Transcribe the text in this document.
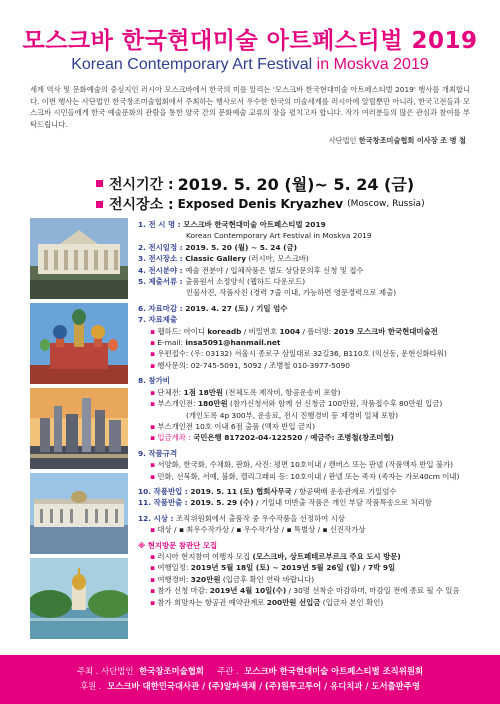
모스크바 한국현대미술 아트페스티벌 2019
Korean Contemporary Art Festival in Moskva 2019
세계 역사 및 문화예술의 중심지인 러시아 모스크바에서 한국의 미를 알리는 '모스크바 한국현대미술 아트페스티벌 2019' 행사를 개최합니다. 이번 행사는 사단법인 한국창조미술협회에서 주최하는 행사로서 우수한 한국의 미술세계를 러시아에 알릴뿐만 아니라, 한국고전들과 모스크바 시민들에게 한국 예술문화의 관람을 통한 양국 간의 문화예술 교류의 장을 펼치고자 합니다. 작가 여러분들의 많은 관심과 참여를 부탁드립니다.
사단법인 한국창조미술협회 이사장 조 병 철
전시기간 : 2019. 5. 20 (월)~ 5. 24 (금)
전시장소 : Exposed Denis Kryazhev (Moscow, Russia)
1. 전 시 명 : 모스크바 한국현대미술 아트페스티벌 2019
Korean Contemporary Art Festival in Moskva 2019
2. 전시일정 : 2019. 5. 20 (월) ~ 5. 24 (금)
3. 전시장소 : Classic Gallery (러시아, 모스크바)
4. 전시분야 : 예술 전분야 / 입체작품은 별도 상담문의후 신청 및 접수
5. 제출서류 : 출품원서 소정양식 (웹하드 다운로드)
인물사진, 작품사진 (경력 7줄 이내, 가능하면 영문경력으로 제출)
6. 자료마감 : 2019. 4. 27 (토) / 기일 엄수
7. 자료제출
▪ 웹하드: 아이디 koreadb / 비밀번호 1004 / 폴더명: 2019 모스크바 한국현대미술전
▪ E-mail: insa5091@hanmail.net
▪ 우편접수: (우: 03132) 서울시 종로구 삼일대로 32길36, B110호 (익선동, 운현신화타워)
▪ 행사문의: 02-745-5091, 5092 / 조병철 010-3977-5090
8. 참가비
▪ 단체전: 1점 18만원 (전체도록 제작비, 항공운송비 포함)
▪ 부스개인전: 180만원 (참가신청서와 함께 선 신청금 100만원, 작품접수후 80만원 입금)
(개인도록 4p 300부, 운송료, 전시 진행경비 등 제경비 일체 포함)
▪ 부스개인전 10호 이내 6점 출품 (액자 반입 금지)
▪ 입금계좌 : 국민은행 817202-04-122520 / 예금주: 조병철(창조미협)
9. 작품규격
▪ 서양화, 한국화, 수채화, 판화, 사진: 평면 10호이내 / 캔버스 또는 판넬 (작품액자 반입 불가)
▪ 민화, 선묵화, 서예, 불화, 캘리그래피 등: 10호이내 / 판넬 또는 족자 (족자는 가로40cm 이내)
10. 작품반입 : 2019. 5. 11 (토) 협회사무국 / 항공택배 운송관계로 기일엄수
11. 작품반출 : 2019. 5. 29 (수) / 기일내 미반출 작품은 개인 부담 작품특송으로 처리함
12. 시상 : 조직위원회에서 출품작 중 우수작품을 선정하여 시상
▪ 대상 / ▪ 최우수작가상 / ▪ 우수작가상 / ▪ 특별상 / ▪ 신진작가상
※ 현지방문 참관단 모집
▪ 러시아 현지참여 여행자 모집 (모스크바, 상트페테르부르크 주요 도시 방문)
▪ 여행일정: 2019년 5월 18일 (토) ~ 2019년 5월 26일 (일) / 7박 9일
▪ 여행경비: 320만원 (입금후 확인 연락 바랍니다)
▪ 참가 신청 마감: 2019년 4월 10일(수) / 30명 선착순 마감하며, 마감일 전에 종료 될 수 있음
▪ 참가 희망자는 항공권 예약관계로 200만원 선입금 (입금자 본인 확인)
주최 . 사단법인 한국창조미술협회 주관 . 모스크바 한국현대미술 아트페스티벌 조직위원회
후원 . 모스크바 대한민국대사관 / (주)알파색채 / (주)원투고투어 / 유디치과 / 도서출판주영
